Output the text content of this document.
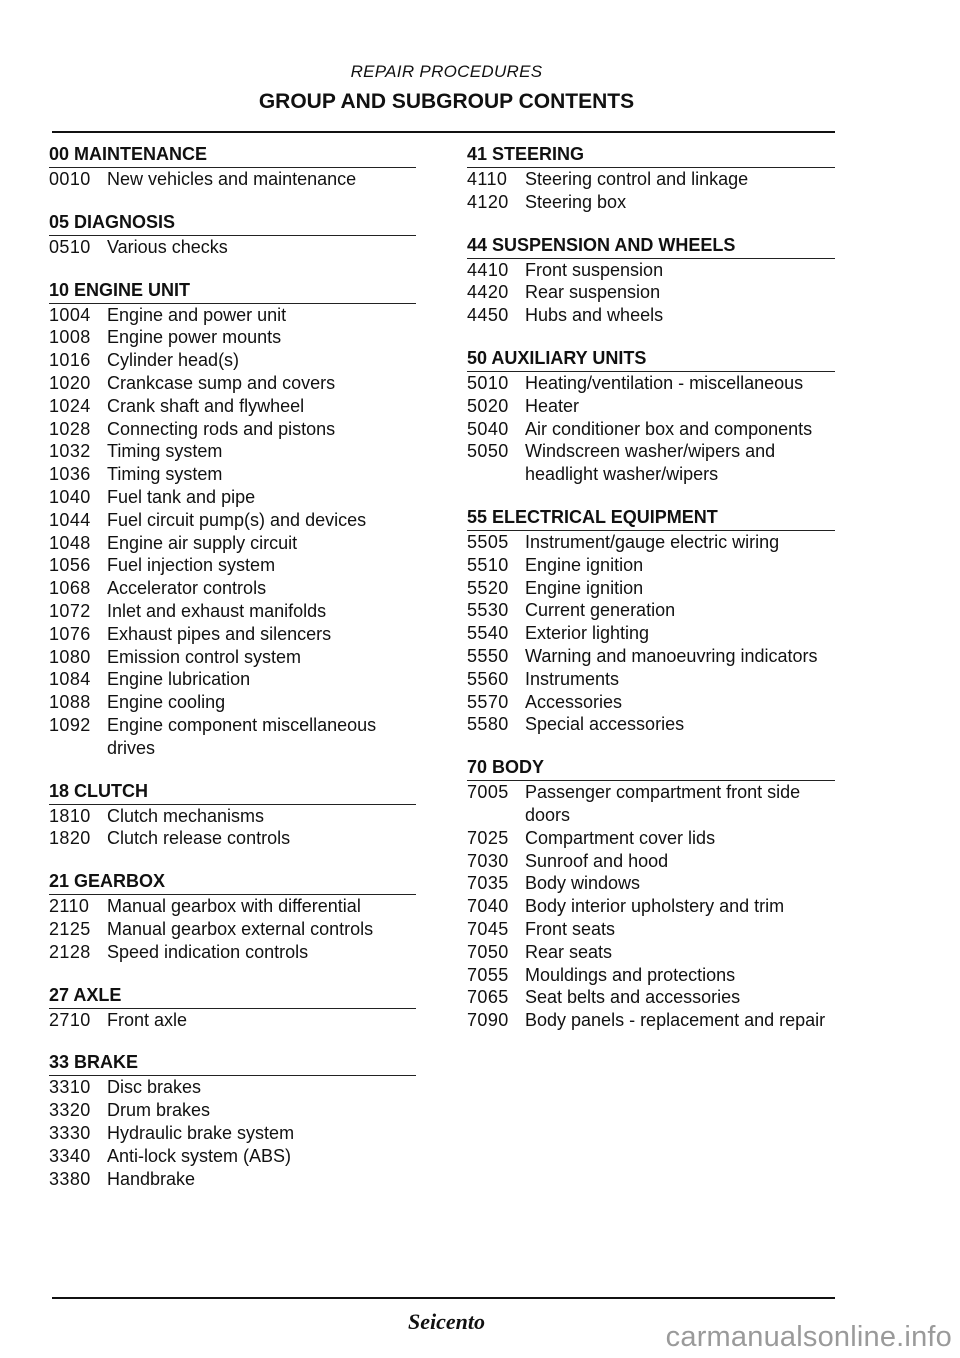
REPAIR PROCEDURES
GROUP AND SUBGROUP CONTENTS
00 MAINTENANCE
0010 New vehicles and maintenance
05 DIAGNOSIS
0510 Various checks
10 ENGINE UNIT
1004 Engine and power unit
1008 Engine power mounts
1016 Cylinder head(s)
1020 Crankcase sump and covers
1024 Crank shaft and flywheel
1028 Connecting rods and pistons
1032 Timing system
1036 Timing system
1040 Fuel tank and pipe
1044 Fuel circuit pump(s) and devices
1048 Engine air supply circuit
1056 Fuel injection system
1068 Accelerator controls
1072 Inlet and exhaust manifolds
1076 Exhaust pipes and silencers
1080 Emission control system
1084 Engine lubrication
1088 Engine cooling
1092 Engine component miscellaneous drives
18 CLUTCH
1810 Clutch mechanisms
1820 Clutch release controls
21 GEARBOX
2110 Manual gearbox with differential
2125 Manual gearbox external controls
2128 Speed indication controls
27 AXLE
2710 Front axle
33 BRAKE
3310 Disc brakes
3320 Drum brakes
3330 Hydraulic brake system
3340 Anti-lock system (ABS)
3380 Handbrake
41 STEERING
4110 Steering control and linkage
4120 Steering box
44 SUSPENSION AND WHEELS
4410 Front suspension
4420 Rear suspension
4450 Hubs and wheels
50 AUXILIARY UNITS
5010 Heating/ventilation - miscellaneous
5020 Heater
5040 Air conditioner box and components
5050 Windscreen washer/wipers and headlight washer/wipers
55 ELECTRICAL EQUIPMENT
5505 Instrument/gauge electric wiring
5510 Engine ignition
5520 Engine ignition
5530 Current generation
5540 Exterior lighting
5550 Warning and manoeuvring indicators
5560 Instruments
5570 Accessories
5580 Special accessories
70 BODY
7005 Passenger compartment front side doors
7025 Compartment cover lids
7030 Sunroof and hood
7035 Body windows
7040 Body interior upholstery and trim
7045 Front seats
7050 Rear seats
7055 Mouldings and protections
7065 Seat belts and accessories
7090 Body panels - replacement and repair
Seicento	carmanualsonline.info
